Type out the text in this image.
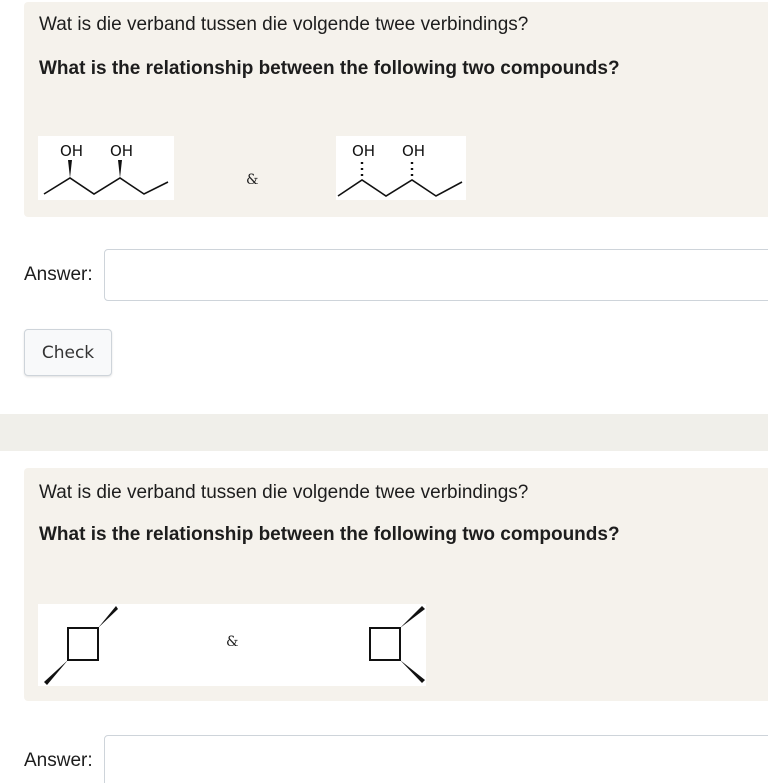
Wat is die verband tussen die volgende twee verbindings?
What is the relationship between the following two compounds?
OH OH
&
OH OH
Answer:
Check
Wat is die verband tussen die volgende twee verbindings?
What is the relationship between the following two compounds?
&
Answer:
